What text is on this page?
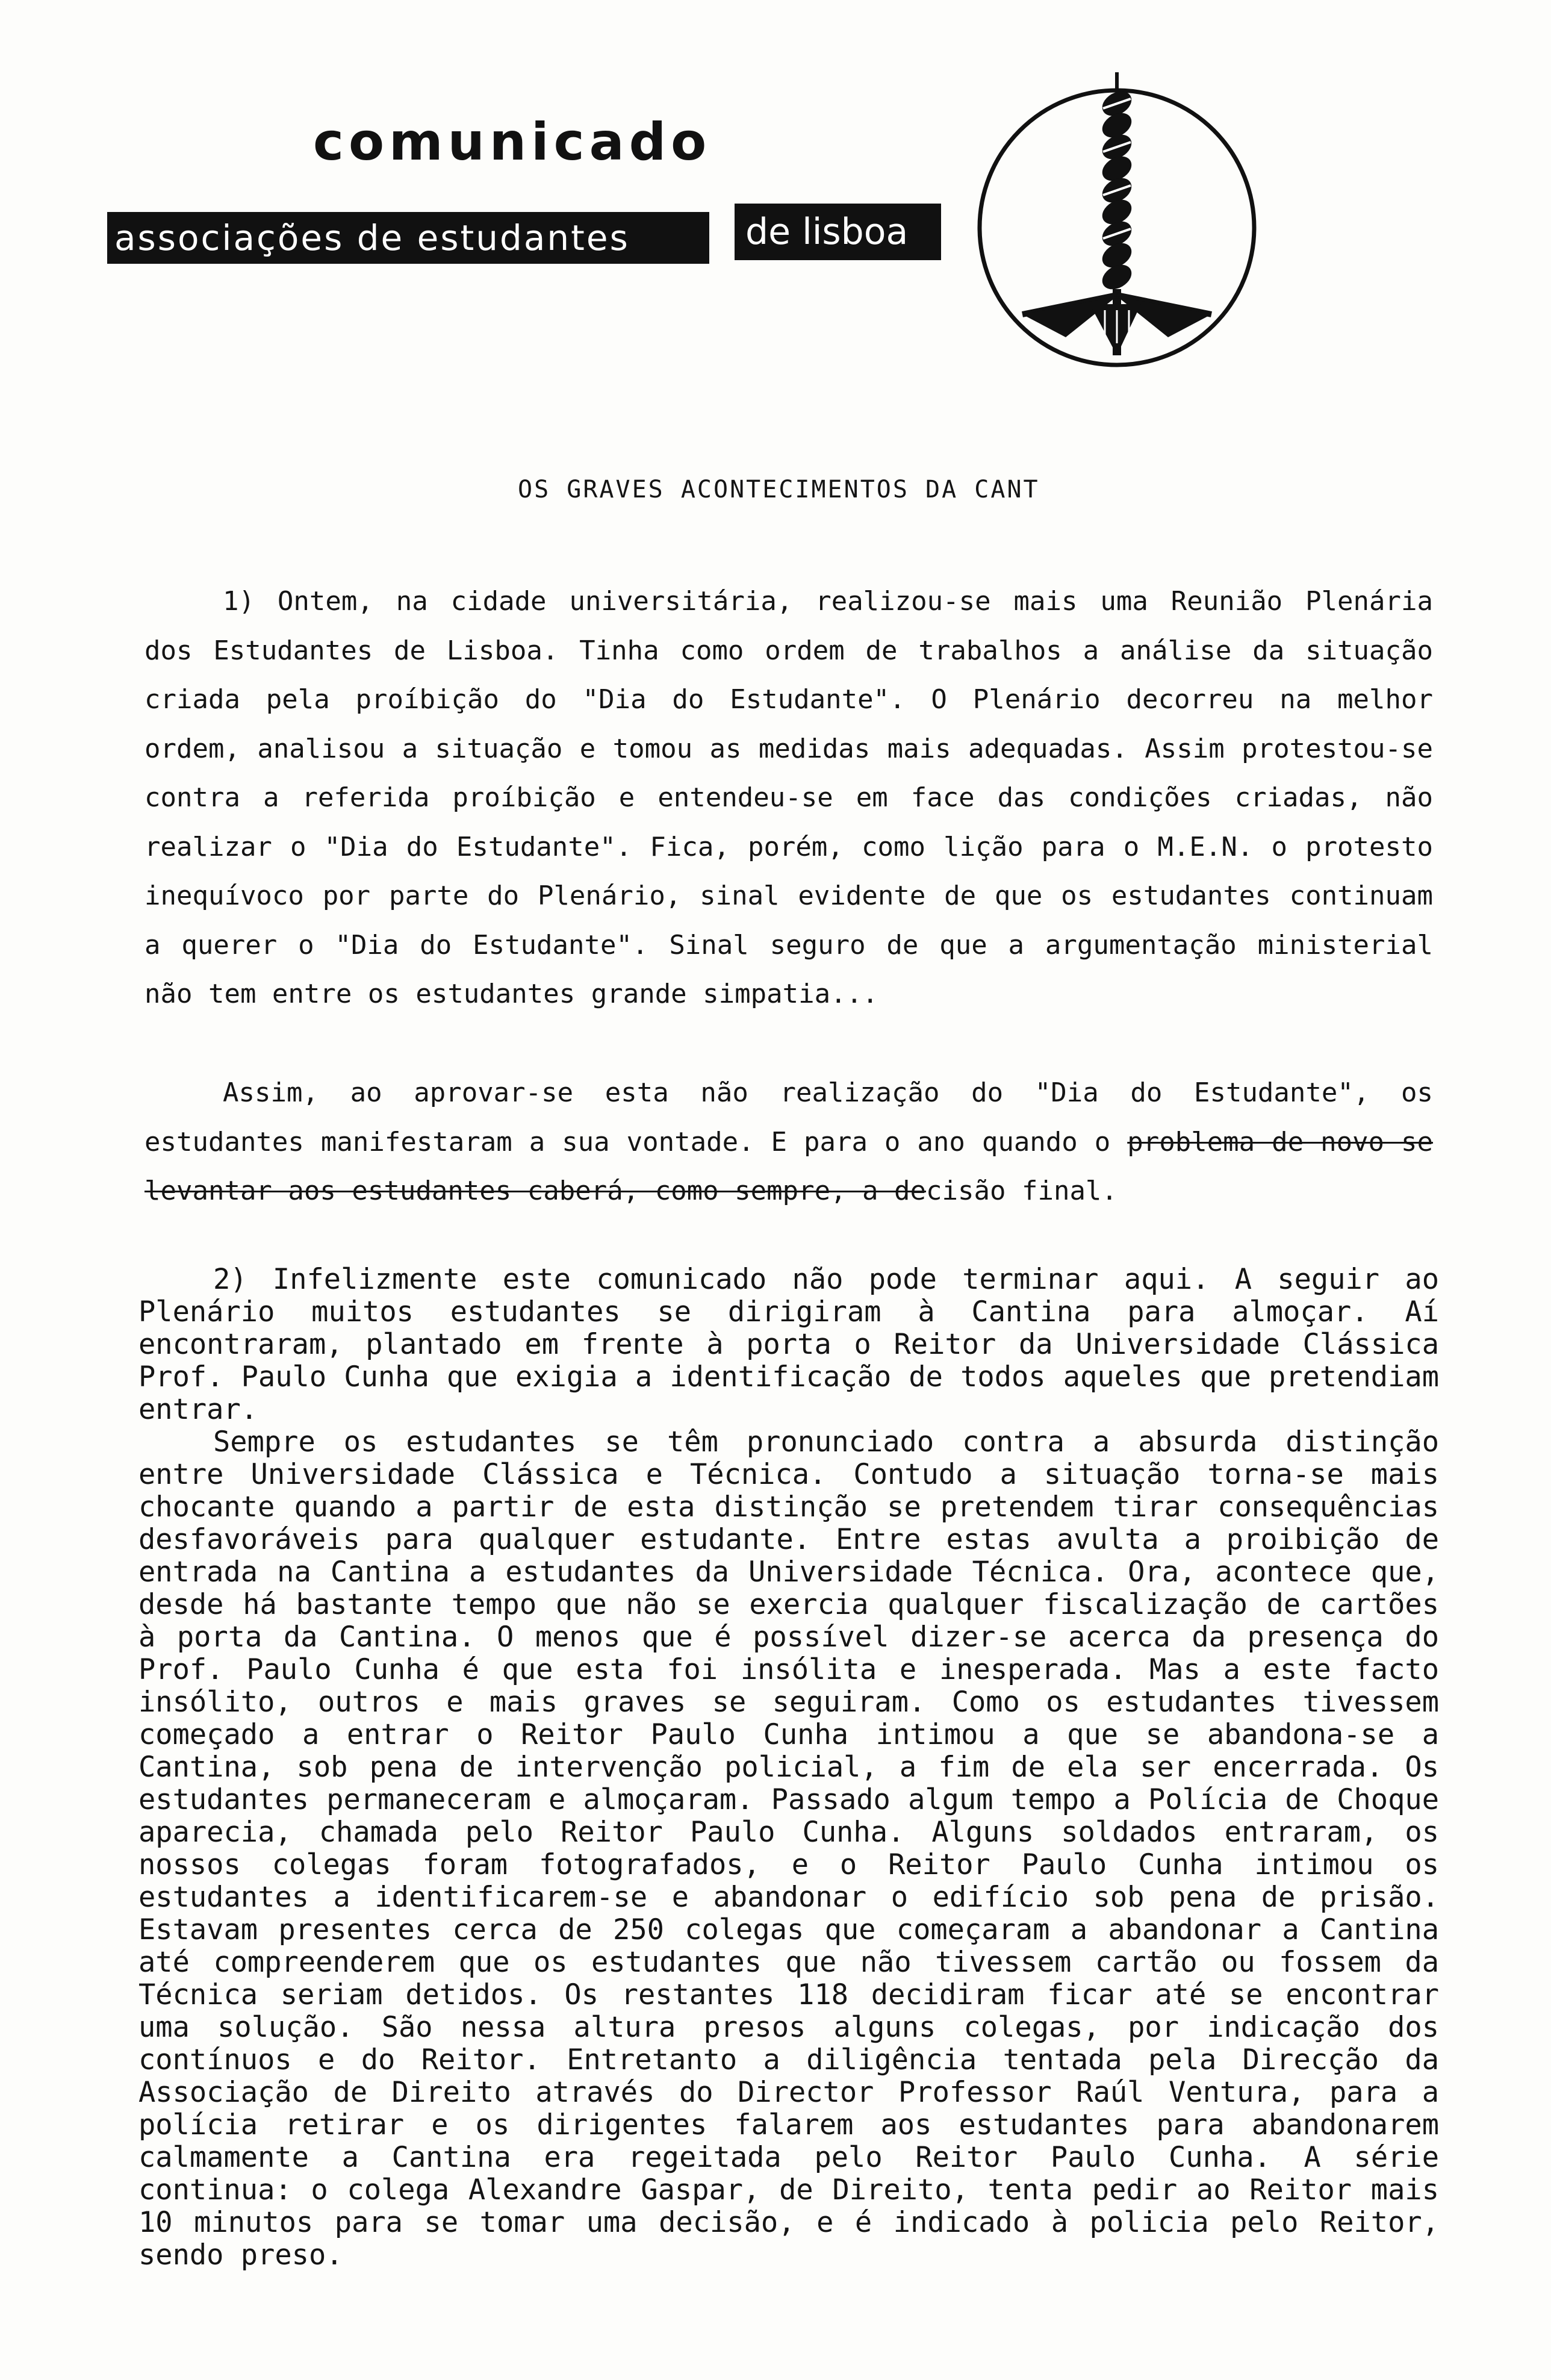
comunicado
associações de estudantes	de lisboa
OS GRAVES ACONTECIMENTOS DA CANT

1) Ontem, na cidade universitária, realizou-se mais uma Reunião Plenária dos Estudantes de Lisboa. Tinha como ordem de trabalhos a análise da situação criada pela proíbição do "Dia do Estudante". O Plenário decorreu na melhor ordem, analisou a situação e tomou as medidas mais adequadas. Assim protestou-se contra a referida proíbição e entendeu-se em face das condições criadas, não realizar o "Dia do Estudante". Fica, porém, como lição para o M.E.N. o protesto inequívoco por parte do Plenário, sinal evidente de que os estudantes continuam a querer o "Dia do Estudante". Sinal seguro de que a argumentação ministerial não tem entre os estudantes grande simpatia...

Assim, ao aprovar-se esta não realização do "Dia do Estudante", os estudantes manifestaram a sua vontade. E para o ano quando o problema de novo se levantar aos estudantes caberá, como sempre, a decisão final.

2) Infelizmente este comunicado não pode terminar aqui. A seguir ao Plenário muitos estudantes se dirigiram à Cantina para almoçar. Aí encontraram, plantado em frente à porta o Reitor da Universidade Clássica Prof. Paulo Cunha que exigia a identificação de todos aqueles que pretendiam entrar.
Sempre os estudantes se têm pronunciado contra a absurda distinção entre Universidade Clássica e Técnica. Contudo a situação torna-se mais chocante quando a partir de esta distinção se pretendem tirar consequências desfavoráveis para qualquer estudante. Entre estas avulta a proibição de entrada na Cantina a estudantes da Universidade Técnica. Ora, acontece que, desde há bastante tempo que não se exercia qualquer fiscalização de cartões à porta da Cantina. O menos que é possível dizer-se acerca da presença do Prof. Paulo Cunha é que esta foi insólita e inesperada. Mas a este facto insólito, outros e mais graves se seguiram. Como os estudantes tivessem começado a entrar o Reitor Paulo Cunha intimou a que se abandona-se a Cantina, sob pena de intervenção policial, a fim de ela ser encerrada. Os estudantes permaneceram e almoçaram. Passado algum tempo a Polícia de Choque aparecia, chamada pelo Reitor Paulo Cunha. Alguns soldados entraram, os nossos colegas foram fotografados, e o Reitor Paulo Cunha intimou os estudantes a identificarem-se e abandonar o edifício sob pena de prisão. Estavam presentes cerca de 250 colegas que começaram a abandonar a Cantina até compreenderem que os estudantes que não tivessem cartão ou fossem da Técnica seriam detidos. Os restantes 118 decidiram ficar até se encontrar uma solução. São nessa altura presos alguns colegas, por indicação dos contínuos e do Reitor. Entretanto a diligência tentada pela Direcção da Associação de Direito através do Director Professor Raúl Ventura, para a polícia retirar e os dirigentes falarem aos estudantes para abandonarem calmamente a Cantina era regeitada pelo Reitor Paulo Cunha. A série continua: o colega Alexandre Gaspar, de Direito, tenta pedir ao Reitor mais 10 minutos para se tomar uma decisão, e é indicado à policia pelo Reitor, sendo preso.
